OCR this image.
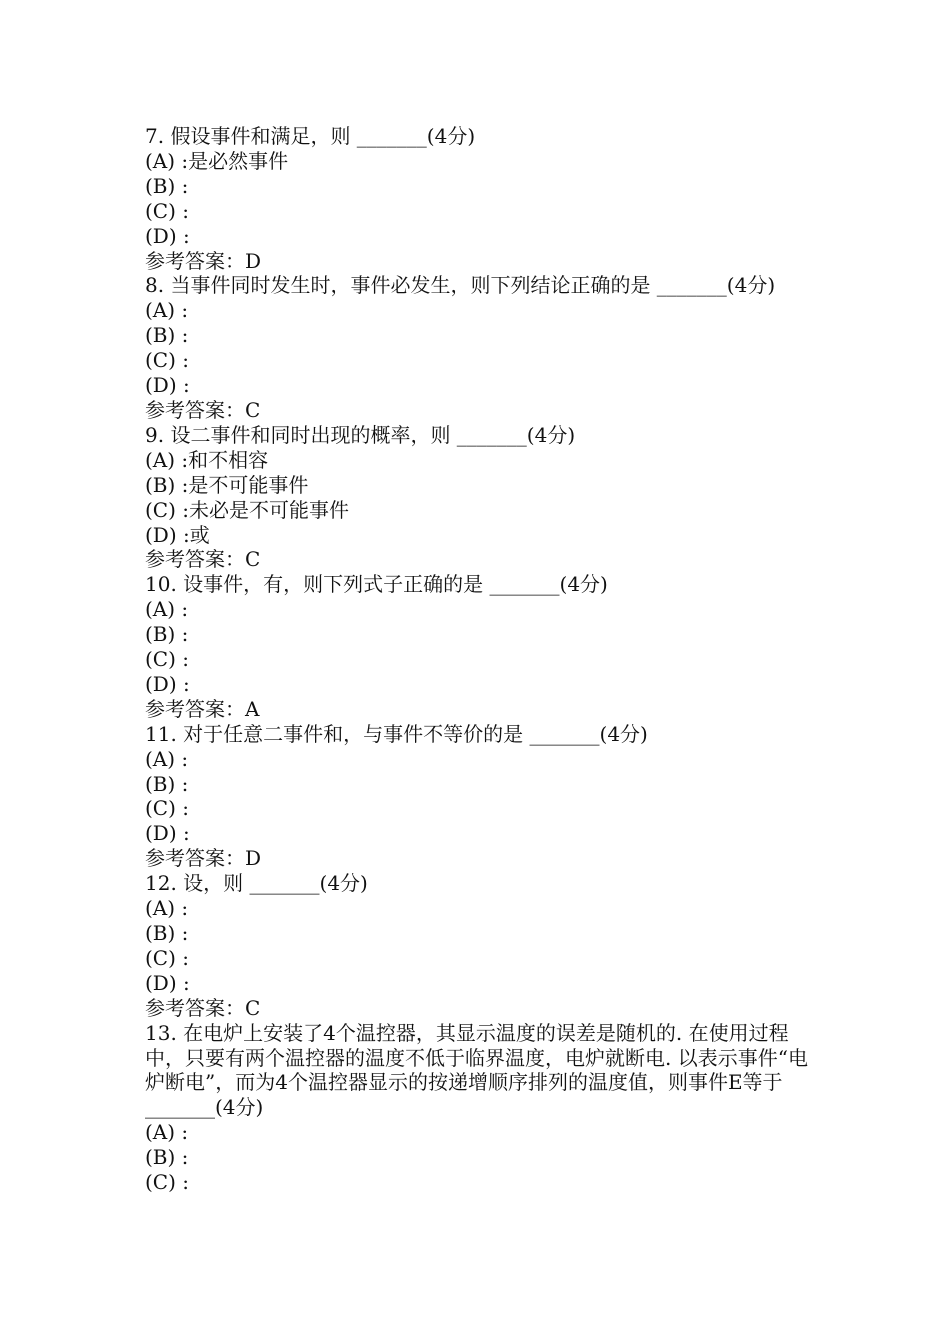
7. 假设事件和满足，则 _______(4分)
(A) :是必然事件
(B) :
(C) :
(D) :
参考答案：D
8. 当事件同时发生时，事件必发生，则下列结论正确的是 _______(4分)
(A) :
(B) :
(C) :
(D) :
参考答案：C
9. 设二事件和同时出现的概率，则 _______(4分)
(A) :和不相容
(B) :是不可能事件
(C) :未必是不可能事件
(D) :或
参考答案：C
10. 设事件，有，则下列式子正确的是 _______(4分)
(A) :
(B) :
(C) :
(D) :
参考答案：A
11. 对于任意二事件和，与事件不等价的是 _______(4分)
(A) :
(B) :
(C) :
(D) :
参考答案：D
12. 设，则 _______(4分)
(A) :
(B) :
(C) :
(D) :
参考答案：C
13. 在电炉上安装了4个温控器，其显示温度的误差是随机的. 在使用过程中，只要有两个温控器的温度不低于临界温度，电炉就断电. 以表示事件“电炉断电”，而为4个温控器显示的按递增顺序排列的温度值，则事件E等于 _______(4分)
(A) :
(B) :
(C) :
